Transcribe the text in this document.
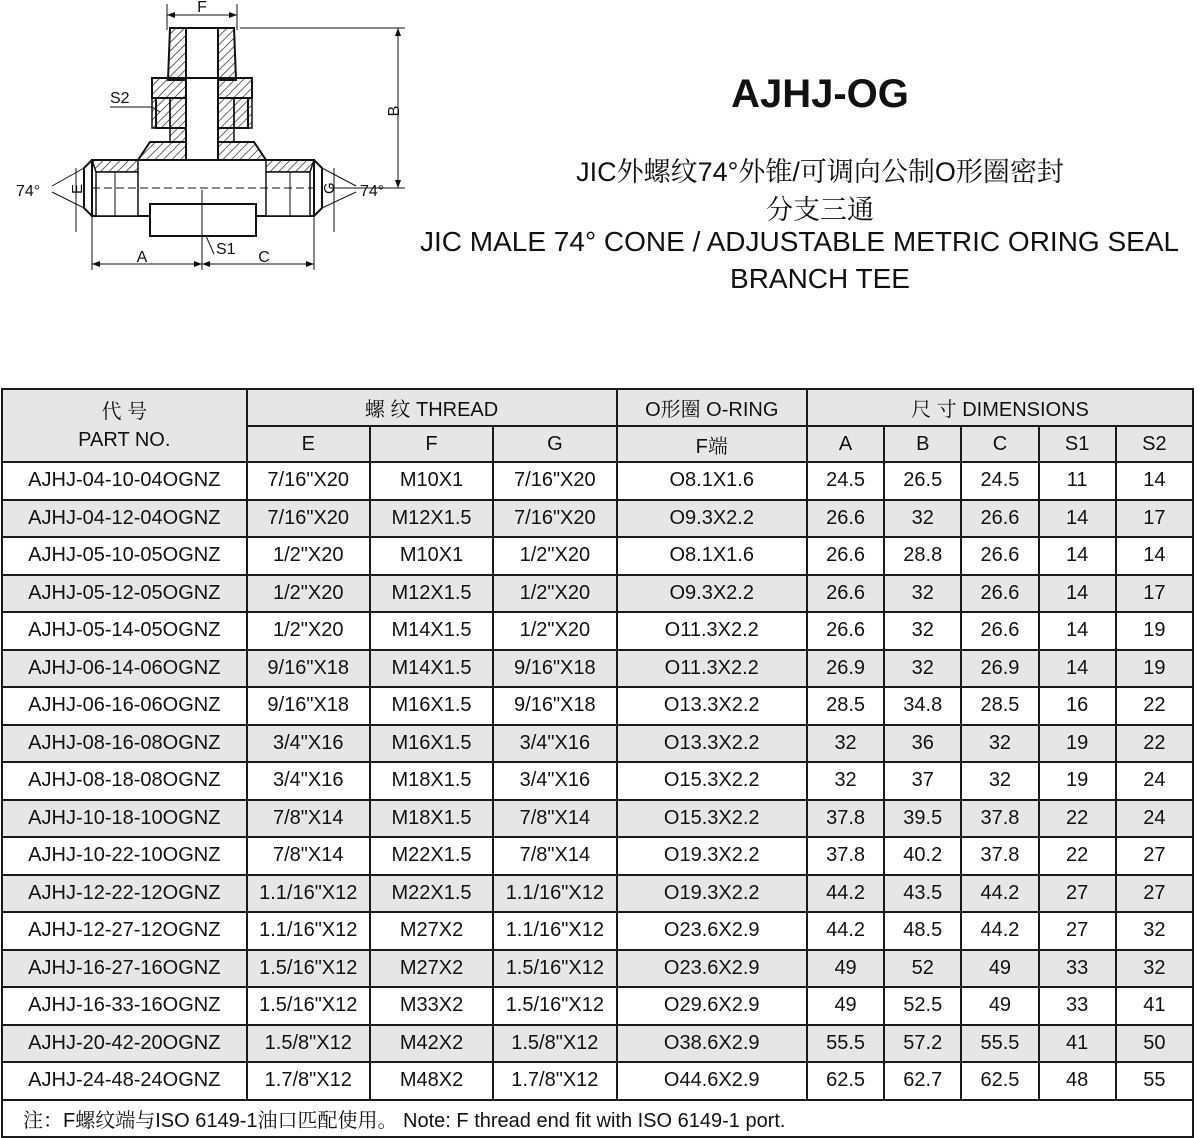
F
B
S2
74° E	74°
G
A	C
S1
AJHJ-OG
JIC外螺纹74°外锥/可调向公制O形圈密封
分支三通
JIC MALE 74° CONE / ADJUSTABLE METRIC ORING SEAL
BRANCH TEE
代 号
PART NO.	螺 纹 THREAD			O形圈 O-RING	尺 寸 DIMENSIONS				
	E	F	G	F端	A	B	C	S1	S2
AJHJ-04-10-04OGNZ	7/16"X20	M10X1	7/16"X20	O8.1X1.6	24.5	26.5	24.5	11	14
AJHJ-04-12-04OGNZ	7/16"X20	M12X1.5	7/16"X20	O9.3X2.2	26.6	32	26.6	14	17
AJHJ-05-10-05OGNZ	1/2"X20	M10X1	1/2"X20	O8.1X1.6	26.6	28.8	26.6	14	14
AJHJ-05-12-05OGNZ	1/2"X20	M12X1.5	1/2"X20	O9.3X2.2	26.6	32	26.6	14	17
AJHJ-05-14-05OGNZ	1/2"X20	M14X1.5	1/2"X20	O11.3X2.2	26.6	32	26.6	14	19
AJHJ-06-14-06OGNZ	9/16"X18	M14X1.5	9/16"X18	O11.3X2.2	26.9	32	26.9	14	19
AJHJ-06-16-06OGNZ	9/16"X18	M16X1.5	9/16"X18	O13.3X2.2	28.5	34.8	28.5	16	22
AJHJ-08-16-08OGNZ	3/4"X16	M16X1.5	3/4"X16	O13.3X2.2	32	36	32	19	22
AJHJ-08-18-08OGNZ	3/4"X16	M18X1.5	3/4"X16	O15.3X2.2	32	37	32	19	24
AJHJ-10-18-10OGNZ	7/8"X14	M18X1.5	7/8"X14	O15.3X2.2	37.8	39.5	37.8	22	24
AJHJ-10-22-10OGNZ	7/8"X14	M22X1.5	7/8"X14	O19.3X2.2	37.8	40.2	37.8	22	27
AJHJ-12-22-12OGNZ	1.1/16"X12	M22X1.5	1.1/16"X12	O19.3X2.2	44.2	43.5	44.2	27	27
AJHJ-12-27-12OGNZ	1.1/16"X12	M27X2	1.1/16"X12	O23.6X2.9	44.2	48.5	44.2	27	32
AJHJ-16-27-16OGNZ	1.5/16"X12	M27X2	1.5/16"X12	O23.6X2.9	49	52	49	33	32
AJHJ-16-33-16OGNZ	1.5/16"X12	M33X2	1.5/16"X12	O29.6X2.9	49	52.5	49	33	41
AJHJ-20-42-20OGNZ	1.5/8"X12	M42X2	1.5/8"X12	O38.6X2.9	55.5	57.2	55.5	41	50
AJHJ-24-48-24OGNZ	1.7/8"X12	M48X2	1.7/8"X12	O44.6X2.9	62.5	62.7	62.5	48	55
注：F螺纹端与ISO 6149-1油口匹配使用。 Note: F thread end fit with ISO 6149-1 port.									
